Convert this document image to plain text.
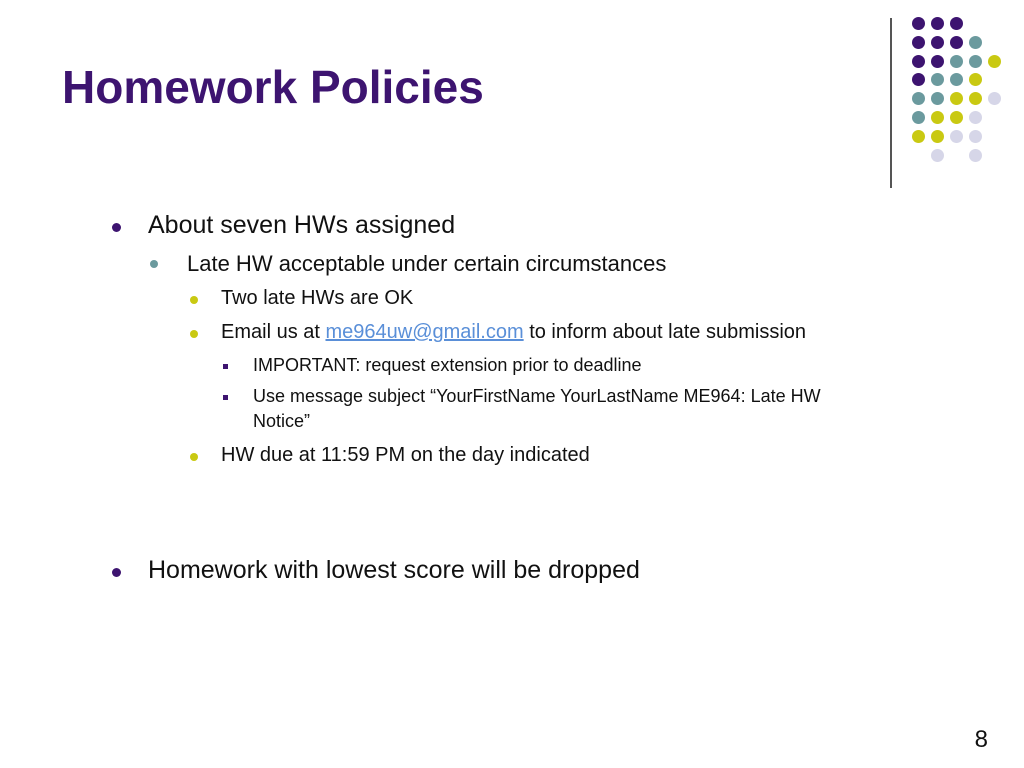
Homework Policies
About seven HWs assigned
Late HW acceptable under certain circumstances
Two late HWs are OK
Email us at me964uw@gmail.com to inform about late submission
IMPORTANT: request extension prior to deadline
Use message subject “YourFirstName YourLastName ME964: Late HW
Notice”
HW due at 11:59 PM on the day indicated
Homework with lowest score will be dropped
8
